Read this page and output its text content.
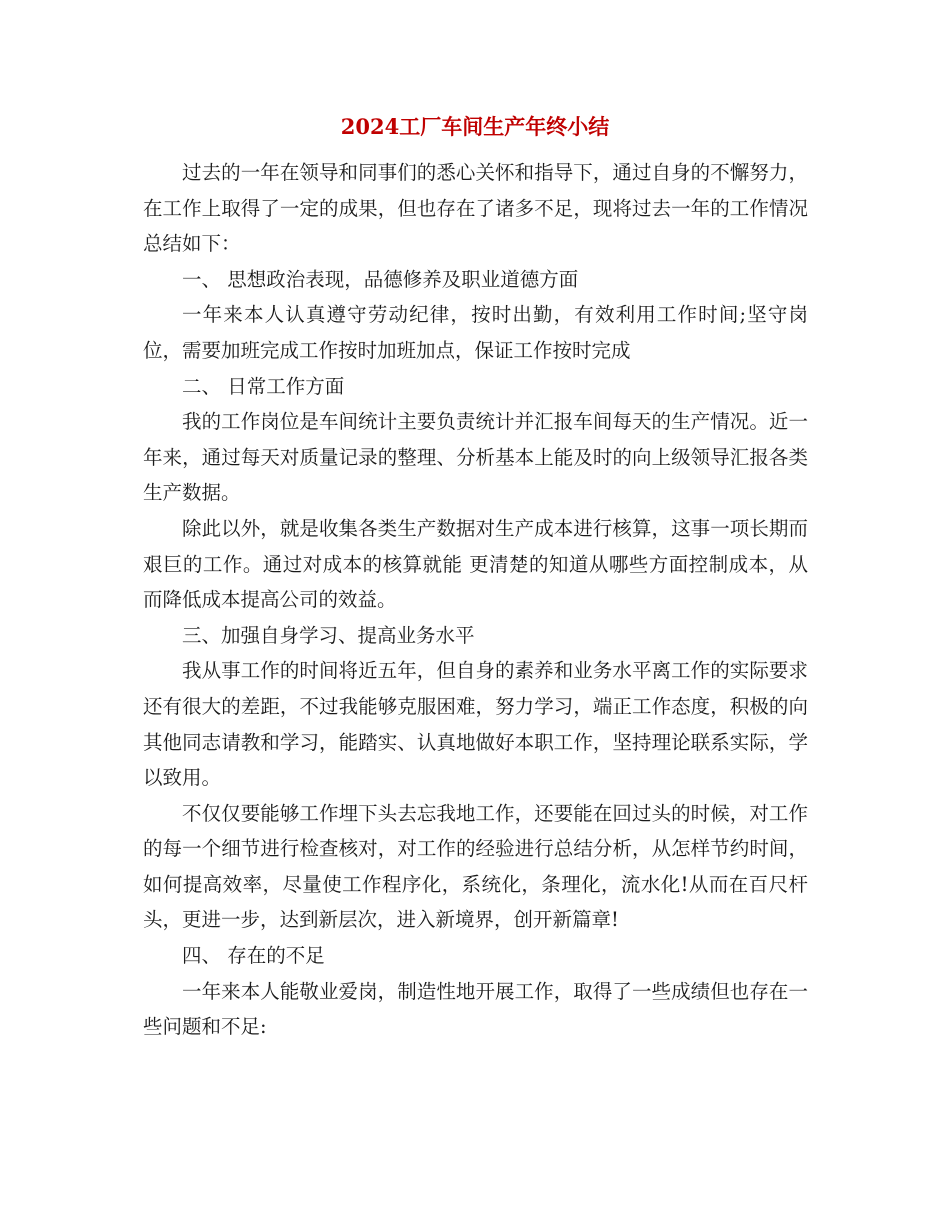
2024工厂车间生产年终小结

过去的一年在领导和同事们的悉心关怀和指导下，通过自身的不懈努力，在工作上取得了一定的成果，但也存在了诸多不足，现将过去一年的工作情况总结如下：

一、 思想政治表现，品德修养及职业道德方面

一年来本人认真遵守劳动纪律，按时出勤，有效利用工作时间;坚守岗位，需要加班完成工作按时加班加点，保证工作按时完成

二、 日常工作方面

我的工作岗位是车间统计主要负责统计并汇报车间每天的生产情况。近一年来，通过每天对质量记录的整理、分析基本上能及时的向上级领导汇报各类生产数据。

除此以外，就是收集各类生产数据对生产成本进行核算，这事一项长期而艰巨的工作。通过对成本的核算就能 更清楚的知道从哪些方面控制成本，从而降低成本提高公司的效益。

三、加强自身学习、提高业务水平

我从事工作的时间将近五年，但自身的素养和业务水平离工作的实际要求还有很大的差距，不过我能够克服困难，努力学习，端正工作态度，积极的向其他同志请教和学习，能踏实、认真地做好本职工作，坚持理论联系实际，学以致用。

不仅仅要能够工作埋下头去忘我地工作，还要能在回过头的时候，对工作的每一个细节进行检查核对，对工作的经验进行总结分析，从怎样节约时间，如何提高效率，尽量使工作程序化，系统化，条理化，流水化!从而在百尺杆头，更进一步，达到新层次，进入新境界，创开新篇章!

四、 存在的不足

一年来本人能敬业爱岗，制造性地开展工作，取得了一些成绩但也存在一些问题和不足:
